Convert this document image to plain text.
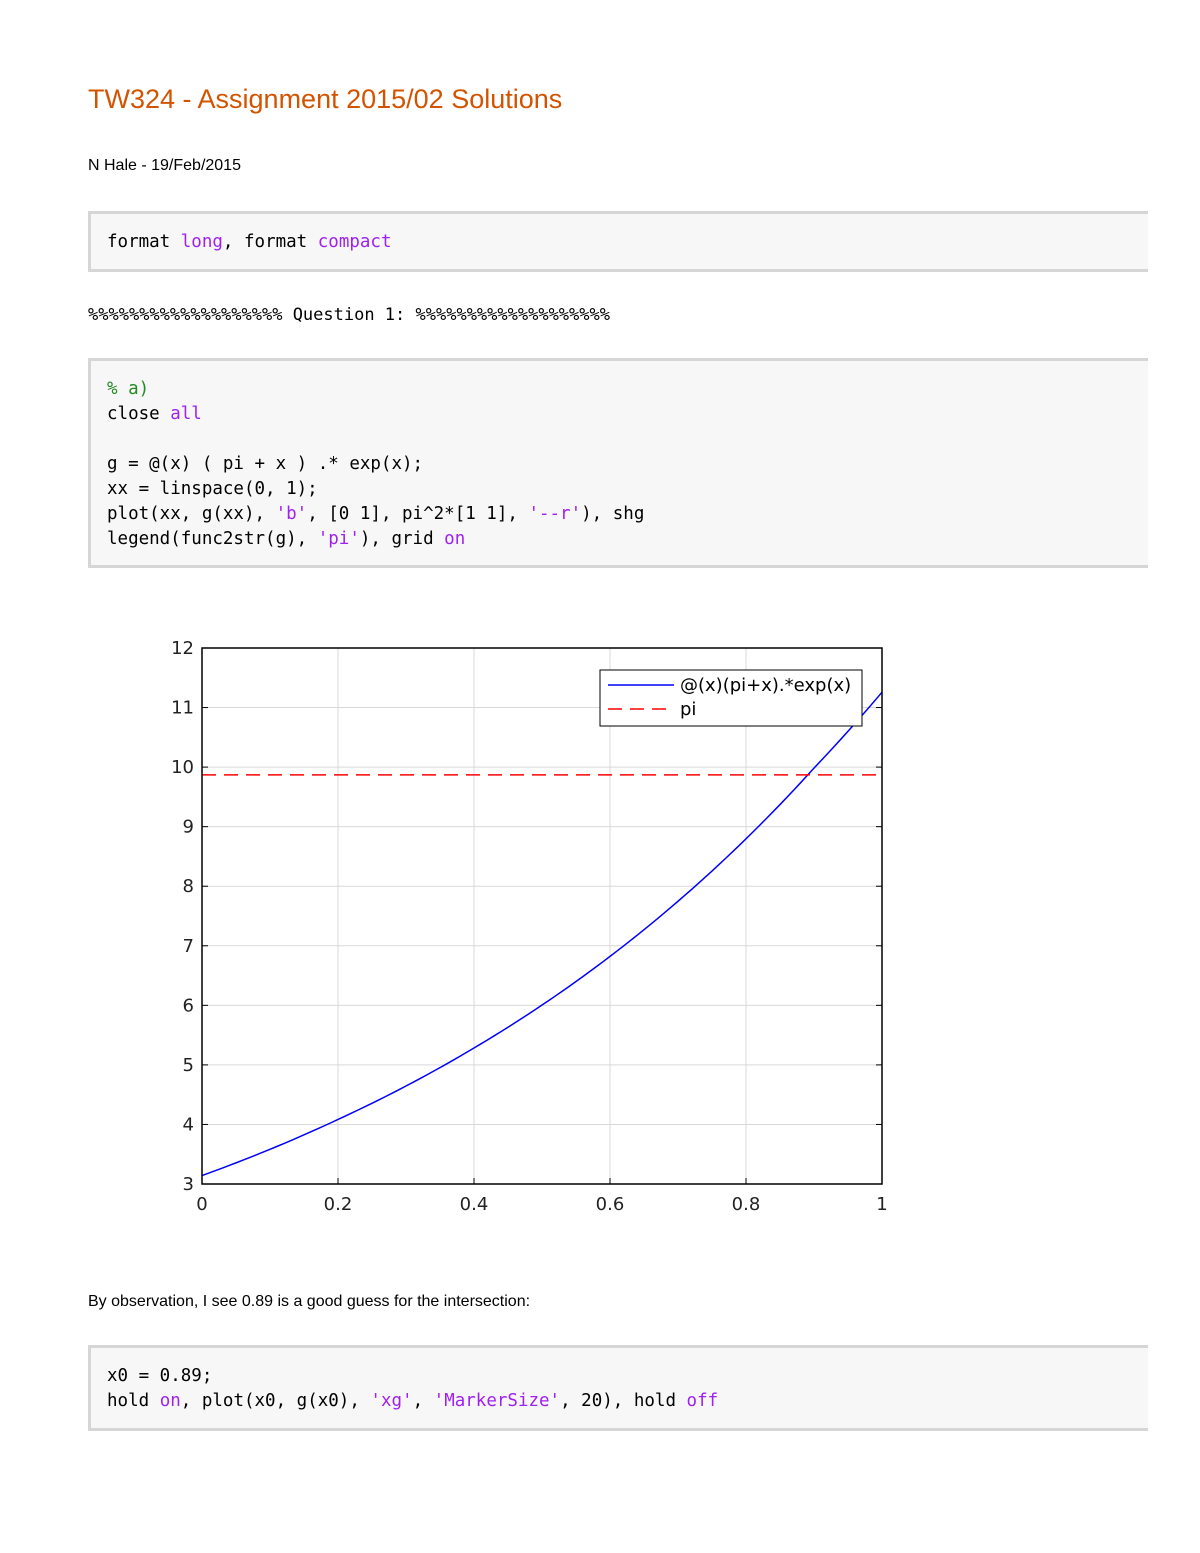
TW324 - Assignment 2015/02 Solutions
N Hale - 19/Feb/2015
format long, format compact
%%%%%%%%%%%%%%%%%%% Question 1: %%%%%%%%%%%%%%%%%%%
% a)
close all

g = @(x) ( pi + x ) .* exp(x);
xx = linspace(0, 1);
plot(xx, g(xx), 'b', [0 1], pi^2*[1 1], '--r'), shg
legend(func2str(g), 'pi'), grid on
0	0.2	0.4	0.6	0.8	1
3
4
5
6
7
8
9
10
11
12
@(x)(pi+x).*exp(x)
pi
By observation, I see 0.89 is a good guess for the intersection:
x0 = 0.89;
hold on, plot(x0, g(x0), 'xg', 'MarkerSize', 20), hold off
